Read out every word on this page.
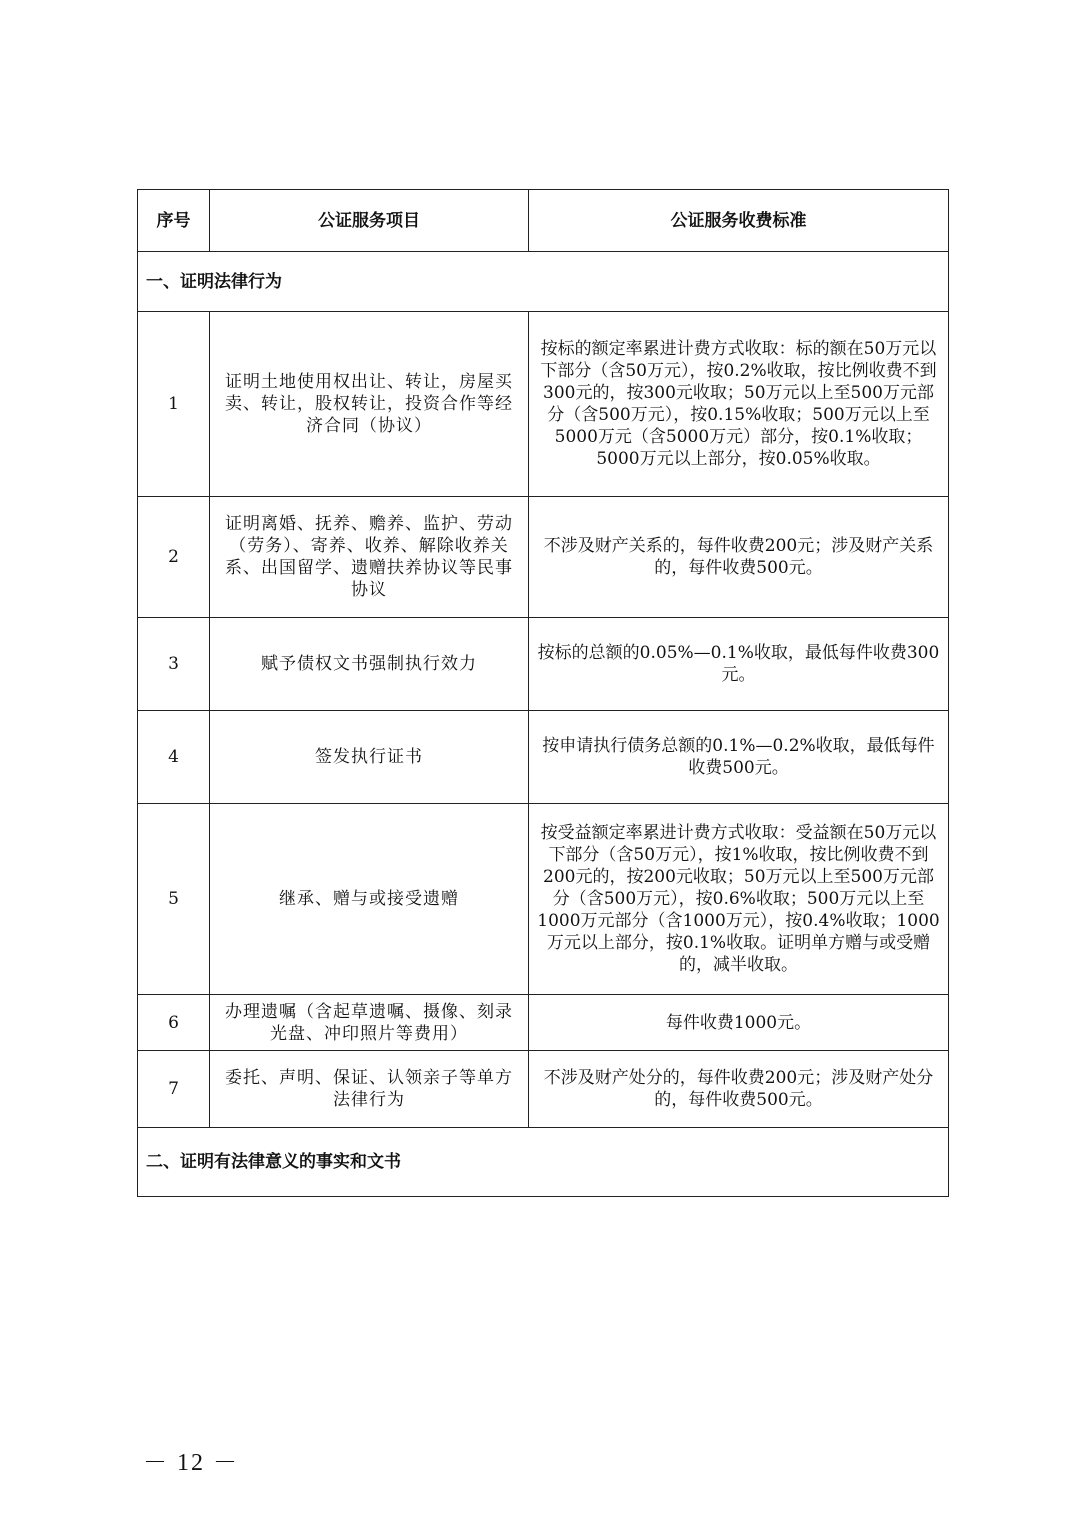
序号	公证服务项目	公证服务收费标准
一、证明法律行为		
1	证明土地使用权出让、转让，房屋买卖、转让，股权转让，投资合作等经济合同（协议）	按标的额定率累进计费方式收取：标的额在50万元以下部分（含50万元），按0.2%收取，按比例收费不到300元的，按300元收取；50万元以上至500万元部分（含500万元），按0.15%收取；500万元以上至5000万元（含5000万元）部分，按0.1%收取；5000万元以上部分，按0.05%收取。
2	证明离婚、抚养、赡养、监护、劳动（劳务）、寄养、收养、解除收养关系、出国留学、遗赠扶养协议等民事协议	不涉及财产关系的，每件收费200元；涉及财产关系的，每件收费500元。
3	赋予债权文书强制执行效力	按标的总额的0.05%—0.1%收取，最低每件收费300元。
4	签发执行证书	按申请执行债务总额的0.1%—0.2%收取，最低每件收费500元。
5	继承、赠与或接受遗赠	按受益额定率累进计费方式收取：受益额在50万元以下部分（含50万元），按1%收取，按比例收费不到200元的，按200元收取；50万元以上至500万元部分（含500万元），按0.6%收取；500万元以上至1000万元部分（含1000万元），按0.4%收取；1000万元以上部分，按0.1%收取。证明单方赠与或受赠的，减半收取。
6	办理遗嘱（含起草遗嘱、摄像、刻录光盘、冲印照片等费用）	每件收费1000元。
7	委托、声明、保证、认领亲子等单方法律行为	不涉及财产处分的，每件收费200元；涉及财产处分的，每件收费500元。
二、证明有法律意义的事实和文书		
－ 12 －
